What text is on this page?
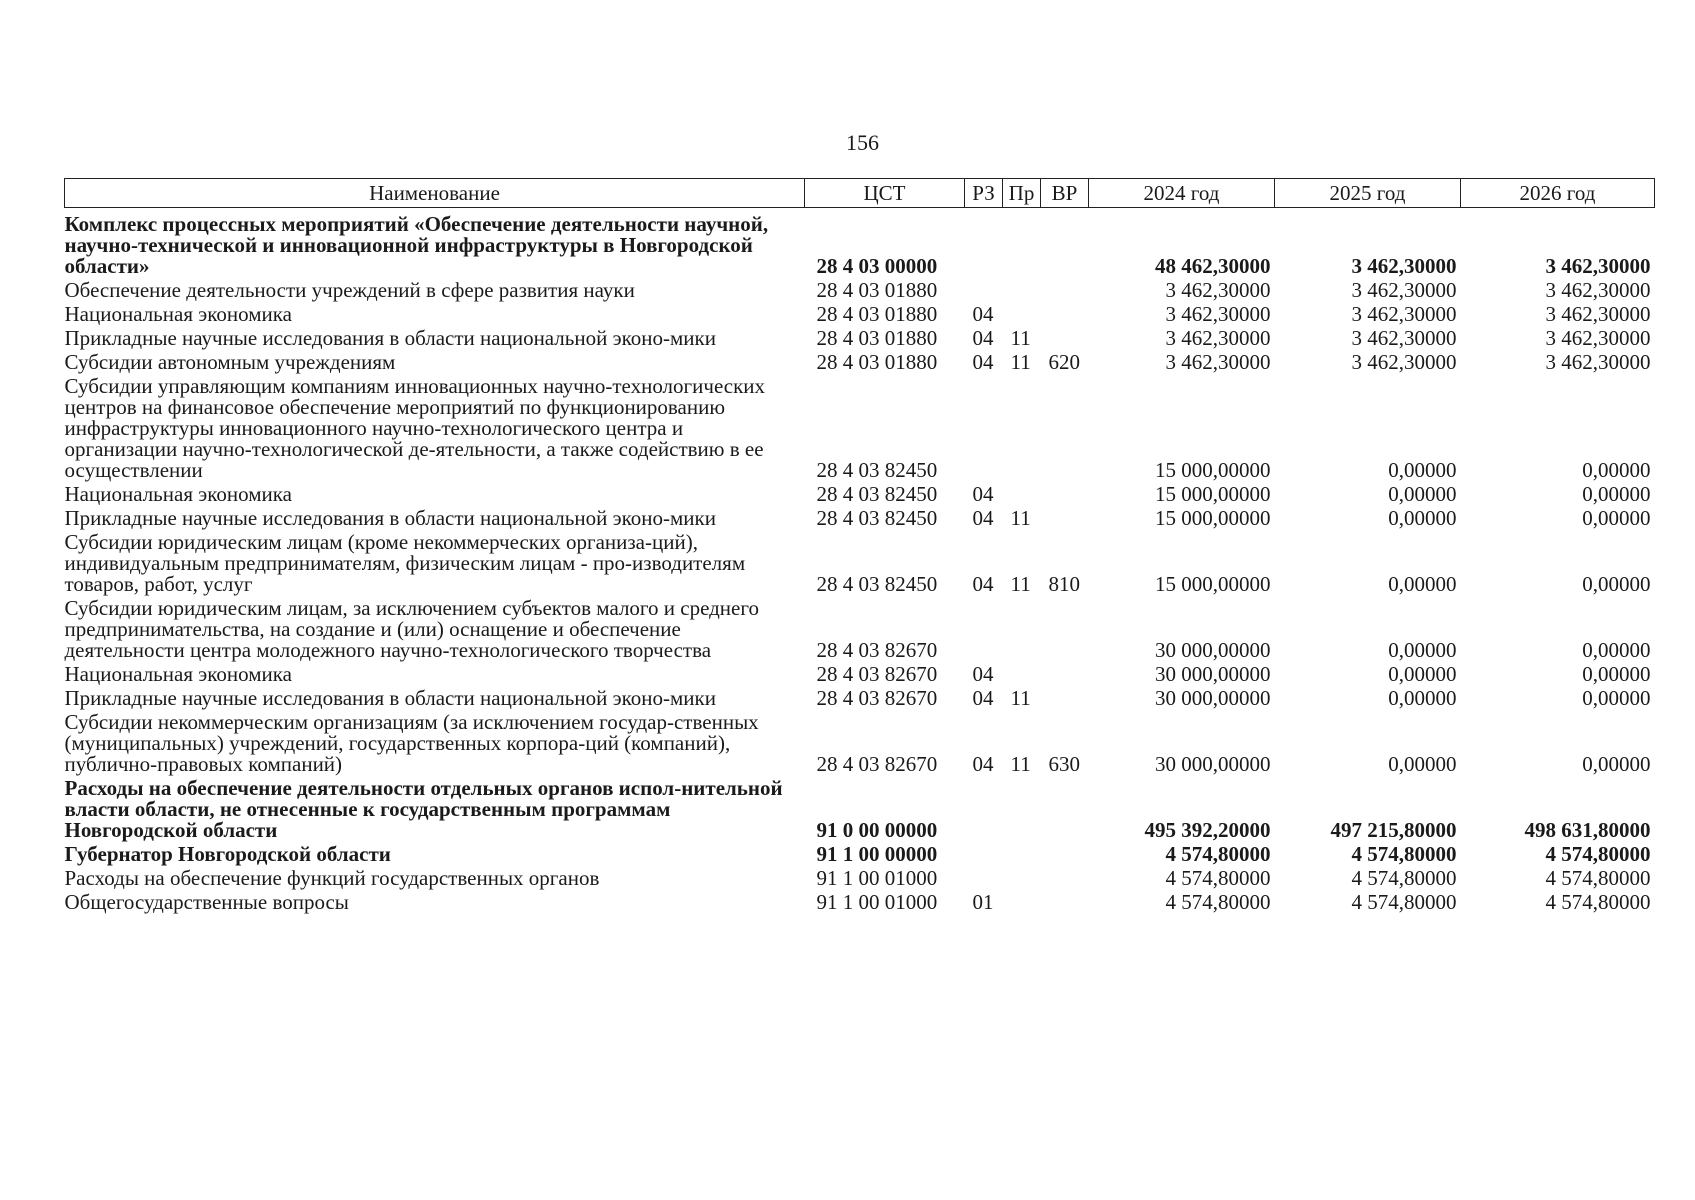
156
Наименование	ЦСТ	РЗ	Пр	ВР	2024 год	2025 год	2026 год
Комплекс процессных мероприятий «Обеспечение деятельности научной, научно-технической и инновационной инфраструктуры в Новгородской области»	28 4 03 00000				48 462,30000	3 462,30000	3 462,30000
Обеспечение деятельности учреждений в сфере развития науки	28 4 03 01880				3 462,30000	3 462,30000	3 462,30000
Национальная экономика	28 4 03 01880	04			3 462,30000	3 462,30000	3 462,30000
Прикладные научные исследования в области национальной эконо-мики	28 4 03 01880	04	11		3 462,30000	3 462,30000	3 462,30000
Субсидии автономным учреждениям	28 4 03 01880	04	11	620	3 462,30000	3 462,30000	3 462,30000
Субсидии управляющим компаниям инновационных научно-технологических центров на финансовое обеспечение мероприятий по функционированию инфраструктуры инновационного научно-технологического центра и организации научно-технологической де-ятельности, а также содействию в ее осуществлении	28 4 03 82450				15 000,00000	0,00000	0,00000
Национальная экономика	28 4 03 82450	04			15 000,00000	0,00000	0,00000
Прикладные научные исследования в области национальной эконо-мики	28 4 03 82450	04	11		15 000,00000	0,00000	0,00000
Субсидии юридическим лицам (кроме некоммерческих организа-ций), индивидуальным предпринимателям, физическим лицам - про-изводителям товаров, работ, услуг	28 4 03 82450	04	11	810	15 000,00000	0,00000	0,00000
Субсидии юридическим лицам, за исключением субъектов малого и среднего предпринимательства, на создание и (или) оснащение и обеспечение деятельности центра молодежного научно-технологического творчества	28 4 03 82670				30 000,00000	0,00000	0,00000
Национальная экономика	28 4 03 82670	04			30 000,00000	0,00000	0,00000
Прикладные научные исследования в области национальной эконо-мики	28 4 03 82670	04	11		30 000,00000	0,00000	0,00000
Субсидии некоммерческим организациям (за исключением государ-ственных (муниципальных) учреждений, государственных корпора-ций (компаний), публично-правовых компаний)	28 4 03 82670	04	11	630	30 000,00000	0,00000	0,00000
Расходы на обеспечение деятельности отдельных органов испол-нительной власти области, не отнесенные к государственным программам Новгородской области	91 0 00 00000				495 392,20000	497 215,80000	498 631,80000
Губернатор Новгородской области	91 1 00 00000				4 574,80000	4 574,80000	4 574,80000
Расходы на обеспечение функций государственных органов	91 1 00 01000				4 574,80000	4 574,80000	4 574,80000
Общегосударственные вопросы	91 1 00 01000	01			4 574,80000	4 574,80000	4 574,80000
